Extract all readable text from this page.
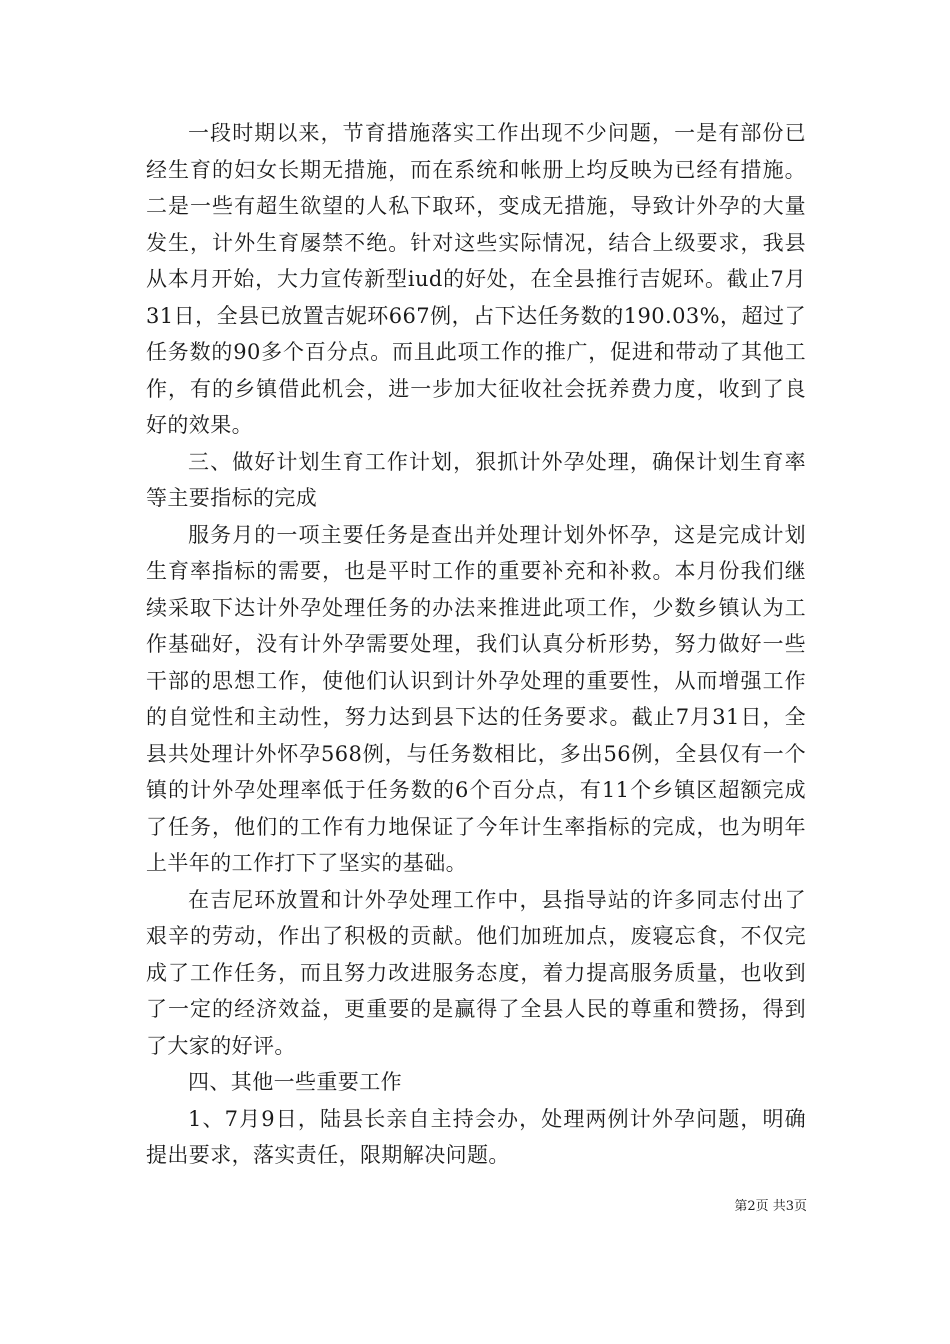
一段时期以来，节育措施落实工作出现不少问题，一是有部份已经生育的妇女长期无措施，而在系统和帐册上均反映为已经有措施。二是一些有超生欲望的人私下取环，变成无措施，导致计外孕的大量发生，计外生育屡禁不绝。针对这些实际情况，结合上级要求，我县从本月开始，大力宣传新型iud的好处，在全县推行吉妮环。截止7月31日，全县已放置吉妮环667例，占下达任务数的190.03%，超过了任务数的90多个百分点。而且此项工作的推广，促进和带动了其他工作，有的乡镇借此机会，进一步加大征收社会抚养费力度，收到了良好的效果。

三、做好计划生育工作计划，狠抓计外孕处理，确保计划生育率等主要指标的完成

服务月的一项主要任务是查出并处理计划外怀孕，这是完成计划生育率指标的需要，也是平时工作的重要补充和补救。本月份我们继续采取下达计外孕处理任务的办法来推进此项工作，少数乡镇认为工作基础好，没有计外孕需要处理，我们认真分析形势，努力做好一些干部的思想工作，使他们认识到计外孕处理的重要性，从而增强工作的自觉性和主动性，努力达到县下达的任务要求。截止7月31日，全县共处理计外怀孕568例，与任务数相比，多出56例，全县仅有一个镇的计外孕处理率低于任务数的6个百分点，有11个乡镇区超额完成了任务，他们的工作有力地保证了今年计生率指标的完成，也为明年上半年的工作打下了坚实的基础。

在吉尼环放置和计外孕处理工作中，县指导站的许多同志付出了艰辛的劳动，作出了积极的贡献。他们加班加点，废寝忘食，不仅完成了工作任务，而且努力改进服务态度，着力提高服务质量，也收到了一定的经济效益，更重要的是赢得了全县人民的尊重和赞扬，得到了大家的好评。

四、其他一些重要工作

1、7月9日，陆县长亲自主持会办，处理两例计外孕问题，明确提出要求，落实责任，限期解决问题。

第2页 共3页
